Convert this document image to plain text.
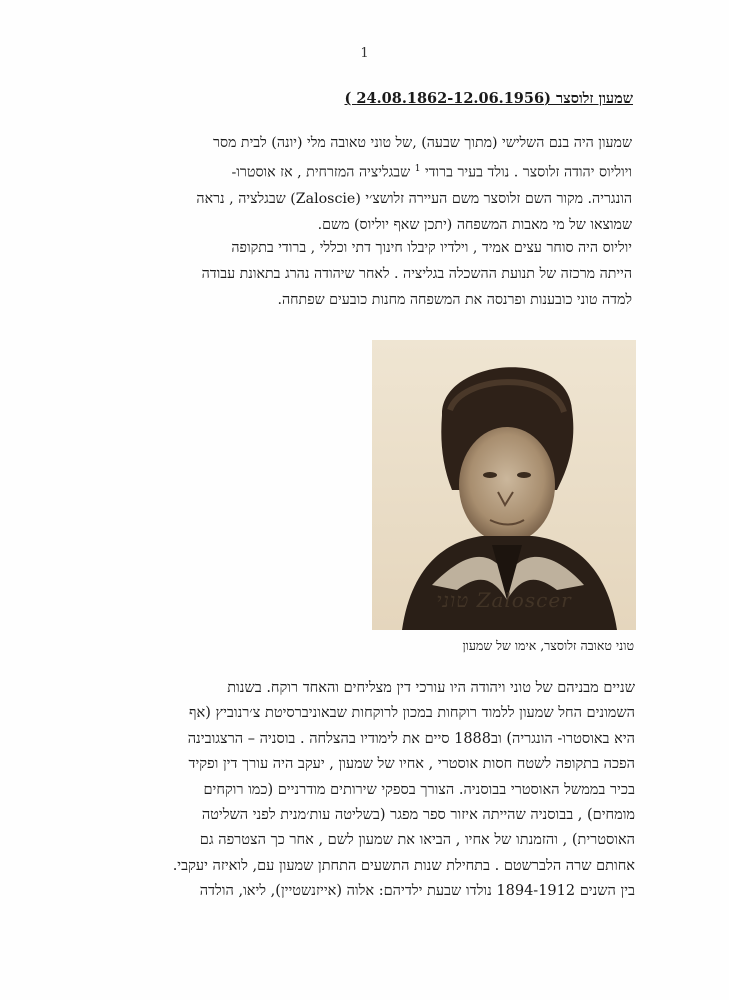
1
שמעון זלוסצר (24.08.1862-12.06.1956 )
שמעון היה בנם השלישי (מתוך שבעה) ,של טוני טאובה מלי (יונה) לבית מסר
ויוליוס יהודה זלוסצר . נולד בעיר ברודי $^1$ שבגליציה המזרחית , אז אוסטרו-
הונגריה. מקור השם זלוסצר משם העיירה זלושצ׳י (Zaloscie) שבגלציה , נראה
שמוצאו של מי מאבות המשפחה (יתכן שאף יוליוס) משם.
יוליוס היה סוחר עצים אמיד , וילדיו קיבלו חינוך דתי וכללי , ברודי בתקופה
הייתה מרכזה של תנועת ההשכלה בגליציה . לאחר שיהודה נהרג בתאונת עבודה
למדה טוני כובענות ופרנסה את המשפחה מחנות כובעים שפתחה.
טוני Zaloscer
טוני טאובה זלוסצר, אימו של שמעון
שניים מבניהם של טוני ויהודה היו עורכי דין מצליחים והאחד רוקח. בשנות
השמונים החל שמעון ללמוד רוקחות במכון לרוקחות שבאוניברסיטת צ׳רנוביץ (אף
היא באוסטרו- הונגריה) וב1888 סיים את לימודיו בהצלחה . בוסניה – הרצגובינה
הפכה בתקופה לשטח חסות אוסטרי , אחיו של שמעון , יעקב היה עורך דין ופקיד
בכיר בממשל האוסטרי בבוסניה. הצורך בספקי שירותים מודרניים (כמו רוקחים
מומחים) , בבוסניה שהייתה איזור ספר מפגר (בשליטה עות׳מנית לפני השליטה
האוסטרית) , והזמנתו של אחיו , הביאו את שמעון לשם , אחר כך הצטרפה גם
אחותם שרה הלברשטם . בתחילת שנות התשעים התחתן שמעון עם, לואיזה יעקבי.
בין השנים 1894-1912 נולדו שבעת ילדיהם: אלוה (אייזנשטיין), ליאו, הולדה
